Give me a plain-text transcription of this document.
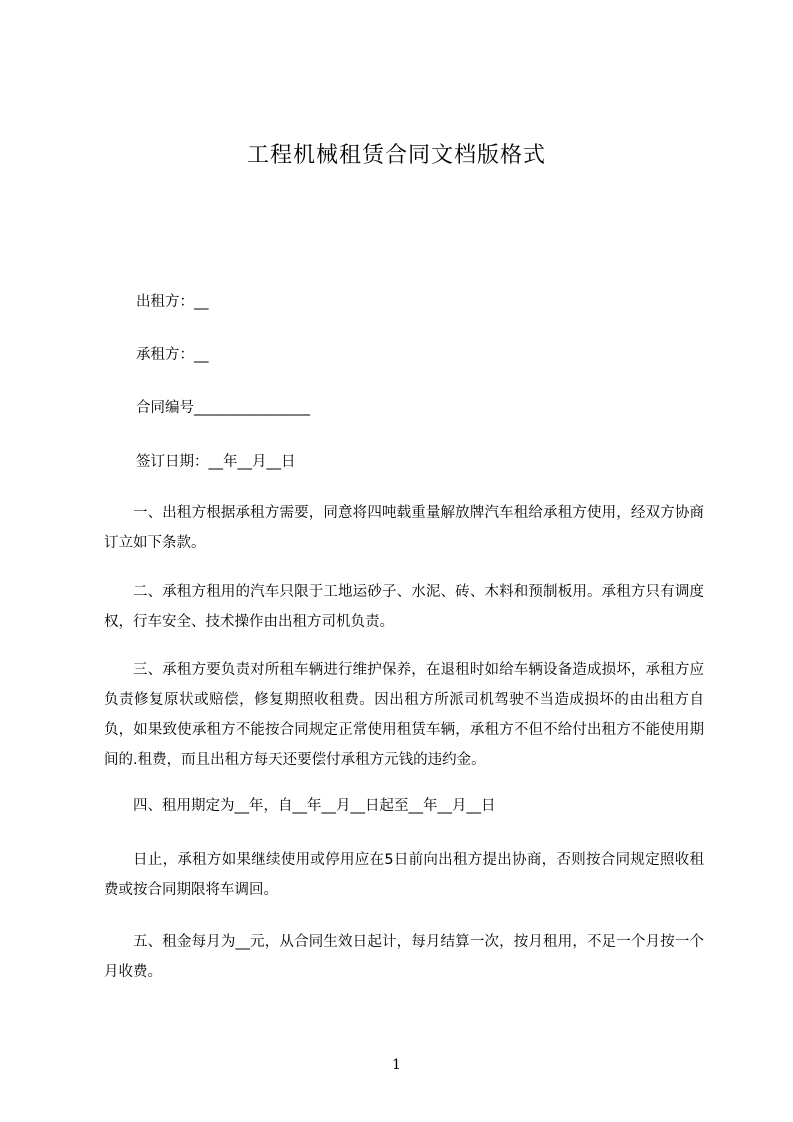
工程机械租赁合同文档版格式
出租方：__
承租方：__
合同编号________________
签订日期：__年__月__日
一、出租方根据承租方需要，同意将四吨载重量解放牌汽车租给承租方使用，经双方协商订立如下条款。
二、承租方租用的汽车只限于工地运砂子、水泥、砖、木料和预制板用。承租方只有调度权，行车安全、技术操作由出租方司机负责。
三、承租方要负责对所租车辆进行维护保养，在退租时如给车辆设备造成损坏，承租方应负责修复原状或赔偿，修复期照收租费。因出租方所派司机驾驶不当造成损坏的由出租方自负，如果致使承租方不能按合同规定正常使用租赁车辆，承租方不但不给付出租方不能使用期间的.租费，而且出租方每天还要偿付承租方元钱的违约金。
四、租用期定为__年，自__年__月__日起至__年__月__日
日止，承租方如果继续使用或停用应在5日前向出租方提出协商，否则按合同规定照收租费或按合同期限将车调回。
五、租金每月为__元，从合同生效日起计，每月结算一次，按月租用，不足一个月按一个月收费。
1
